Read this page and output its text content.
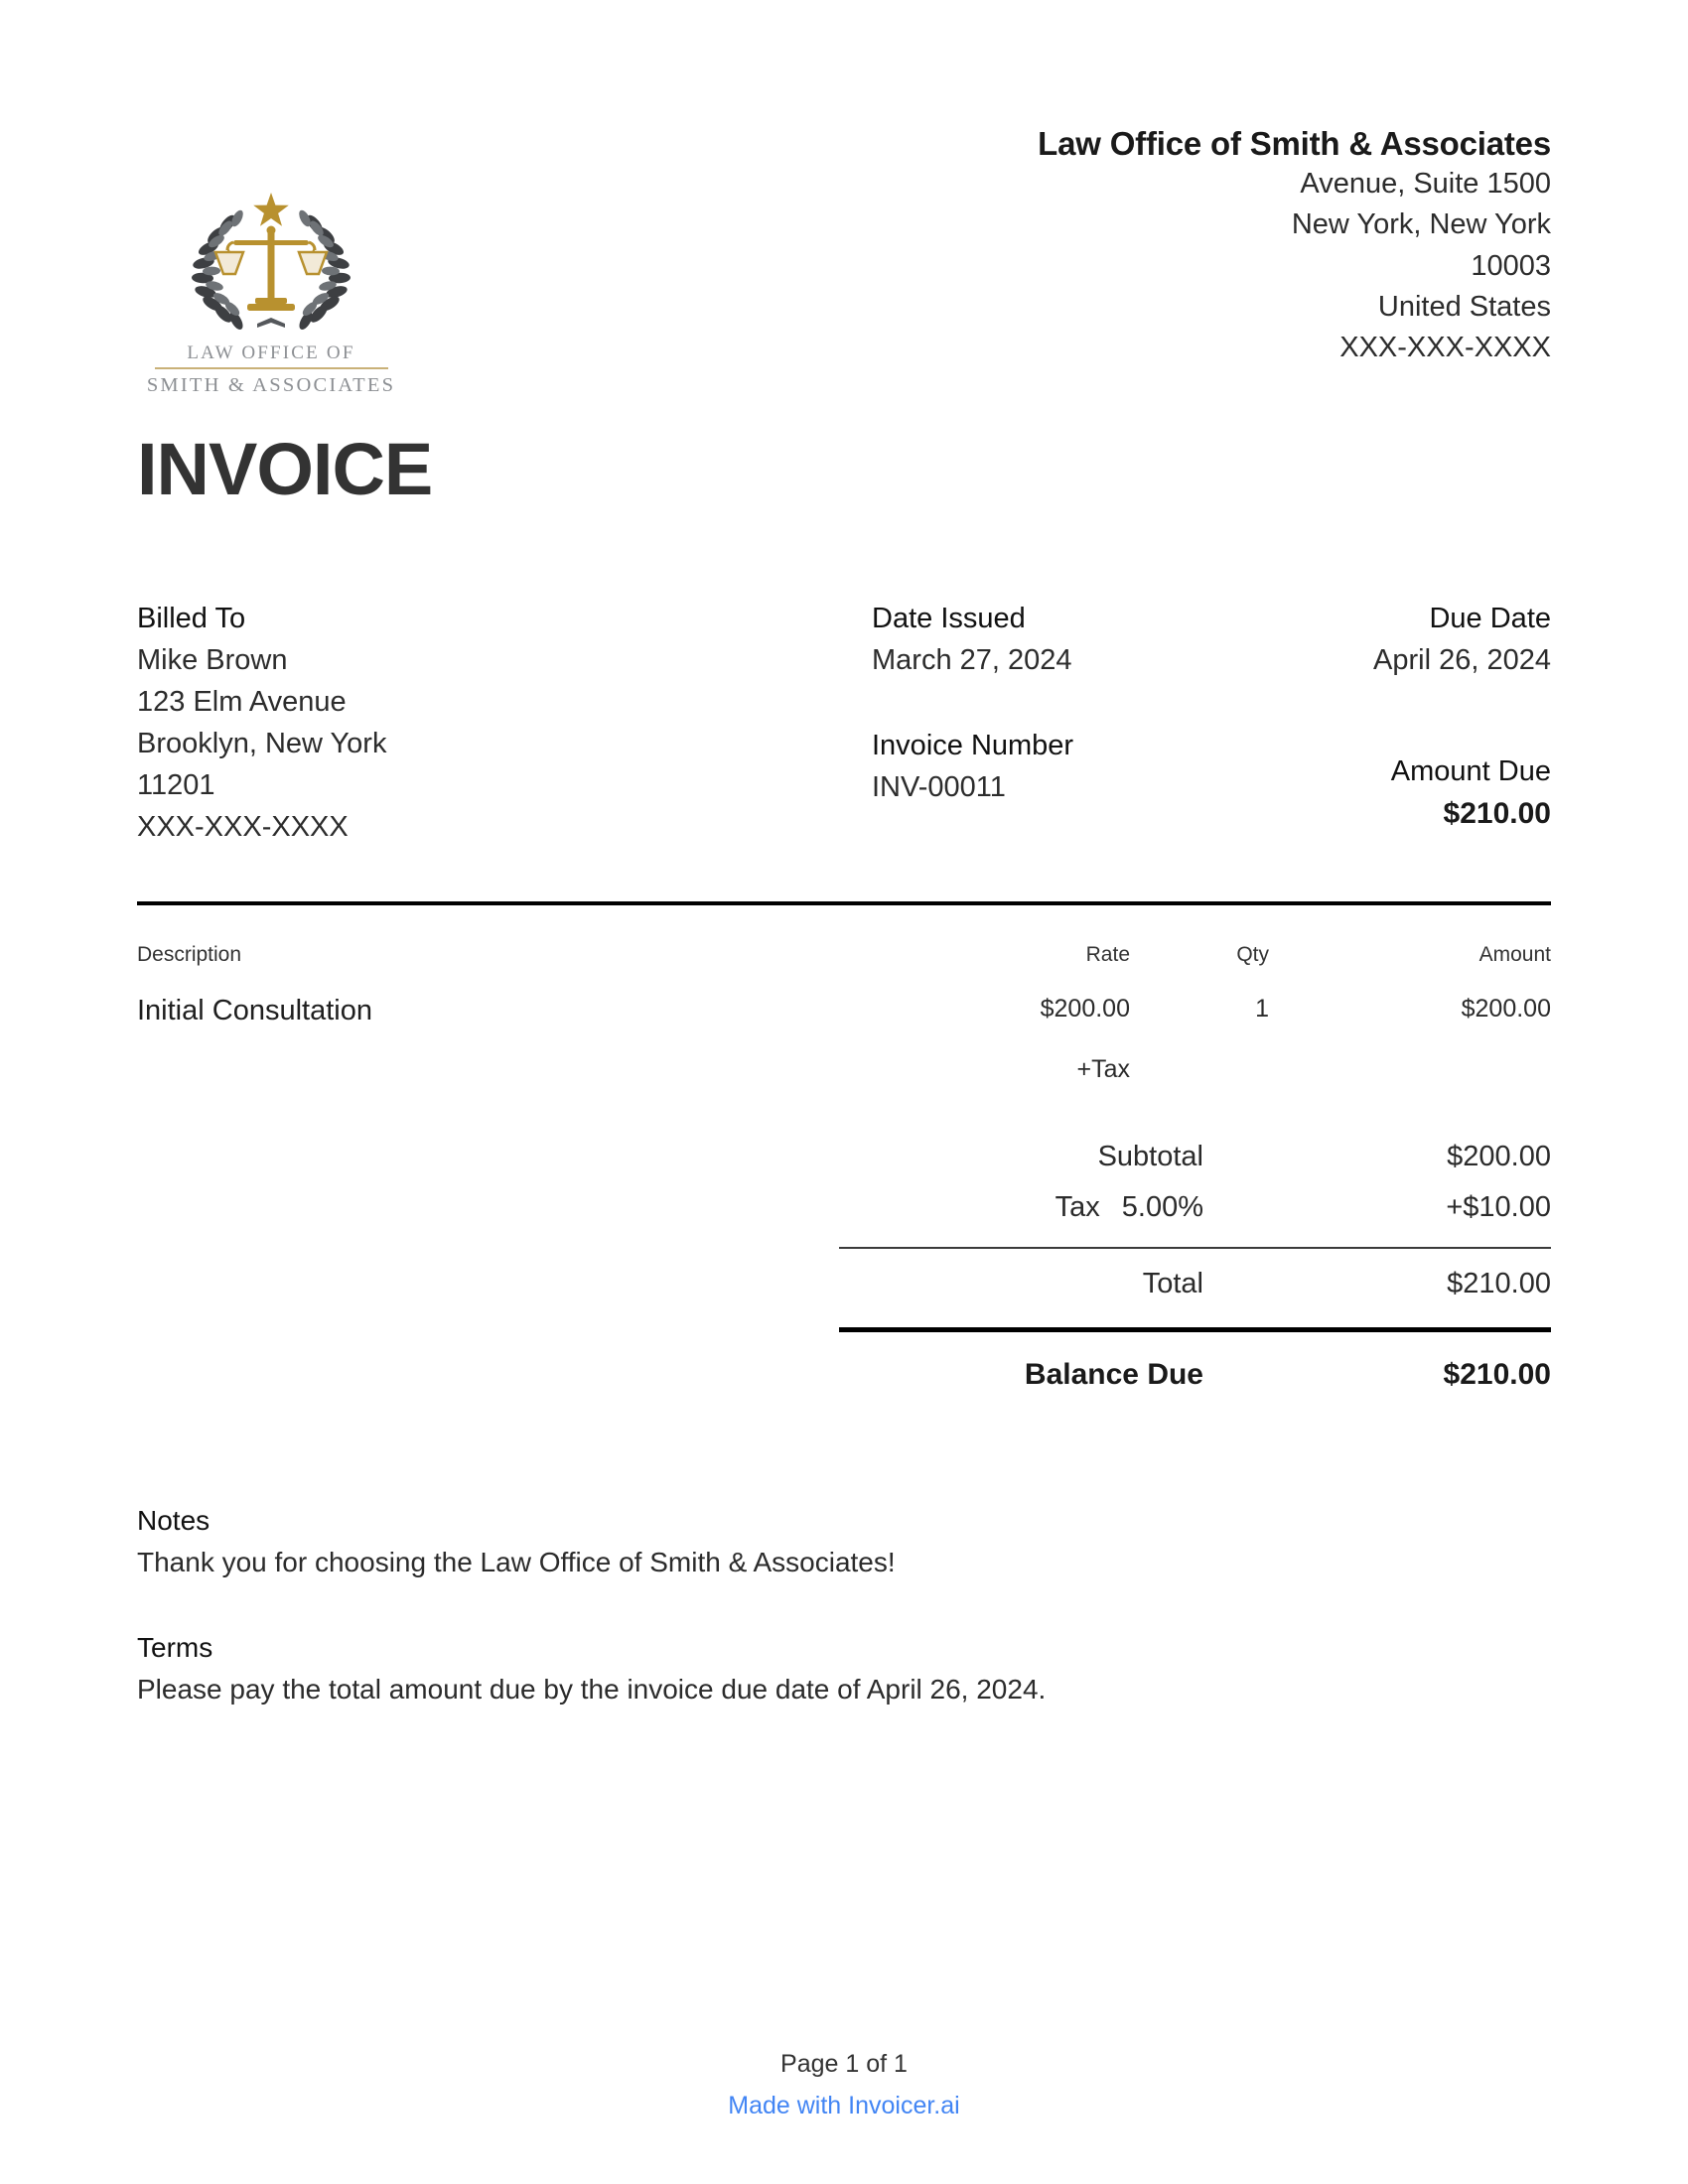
LAW OFFICE OF
SMITH & ASSOCIATES
Law Office of Smith & Associates
Avenue, Suite 1500
New York, New York
10003
United States
XXX-XXX-XXXX
INVOICE
Billed To
Mike Brown
123 Elm Avenue
Brooklyn, New York
11201
XXX-XXX-XXXX
Date Issued
March 27, 2024
Invoice Number
INV-00011
Due Date
April 26, 2024
Amount Due
$210.00
Description	Rate	Qty	Amount
Initial Consultation	$200.00	1	$200.00
	+Tax		
Subtotal	$200.00
Tax 5.00%	+$10.00
Total	$210.00
Balance Due	$210.00
Notes
Thank you for choosing the Law Office of Smith & Associates!
Terms
Please pay the total amount due by the invoice due date of April 26, 2024.
Page 1 of 1
Made with Invoicer.ai
